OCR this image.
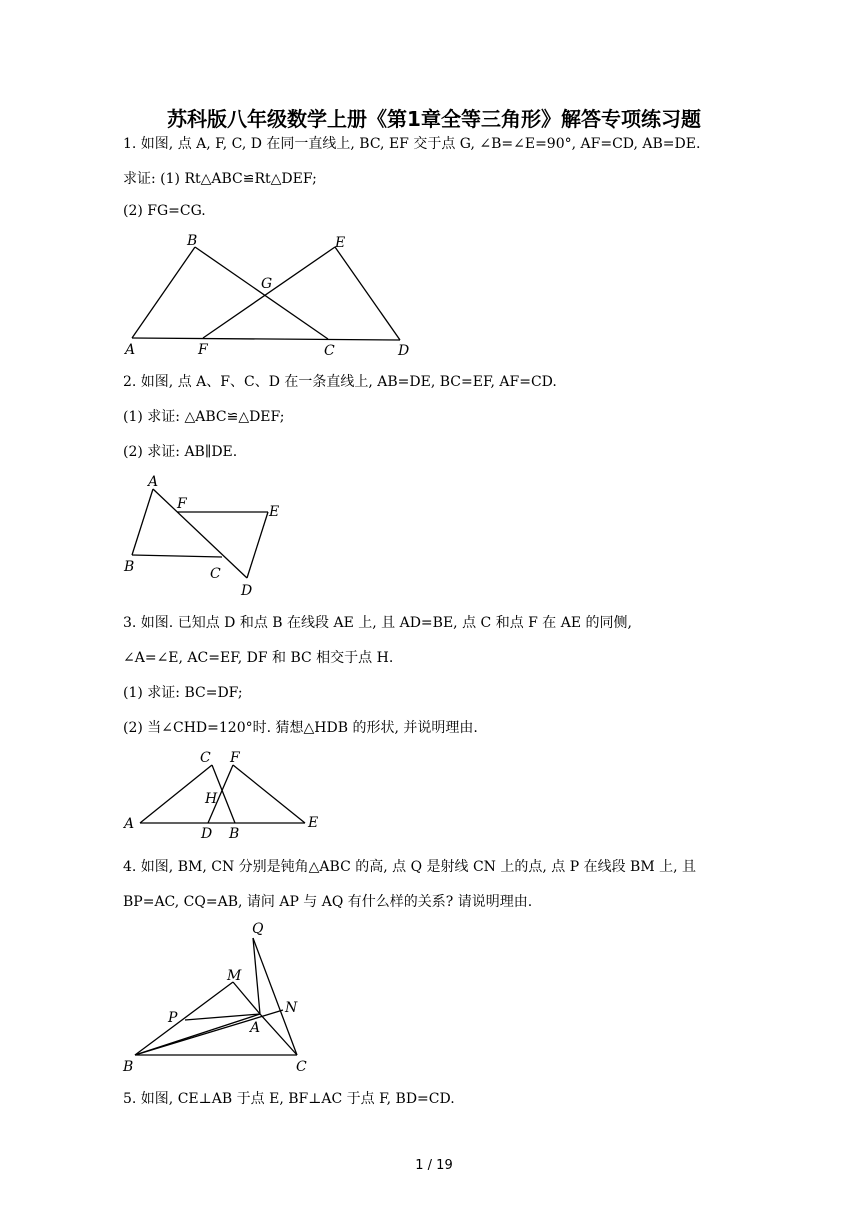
苏科版八年级数学上册《第1章全等三角形》解答专项练习题
1. 如图, 点 A, F, C, D 在同一直线上, BC, EF 交于点 G, ∠B=∠E=90°, AF=CD, AB=DE.
求证: (1) Rt△ABC≌Rt△DEF;
(2) FG=CG.
B	E
G
A	F	C	D
2. 如图, 点 A、F、C、D 在一条直线上, AB=DE, BC=EF, AF=CD.
(1) 求证: △ABC≌△DEF;
(2) 求证: AB∥DE.
A
F	E
B	C
D
3. 如图. 已知点 D 和点 B 在线段 AE 上, 且 AD=BE, 点 C 和点 F 在 AE 的同侧,
∠A=∠E, AC=EF, DF 和 BC 相交于点 H.
(1) 求证: BC=DF;
(2) 当∠CHD=120°时. 猜想△HDB 的形状, 并说明理由.
C F
H
A
D B
E
4. 如图, BM, CN 分别是钝角△ABC 的高, 点 Q 是射线 CN 上的点, 点 P 在线段 BM 上, 且
BP=AC, CQ=AB, 请问 AP 与 AQ 有什么样的关系? 请说明理由.
Q
M
N
P
A
B	C
5. 如图, CE⊥AB 于点 E, BF⊥AC 于点 F, BD=CD.
1 / 19
